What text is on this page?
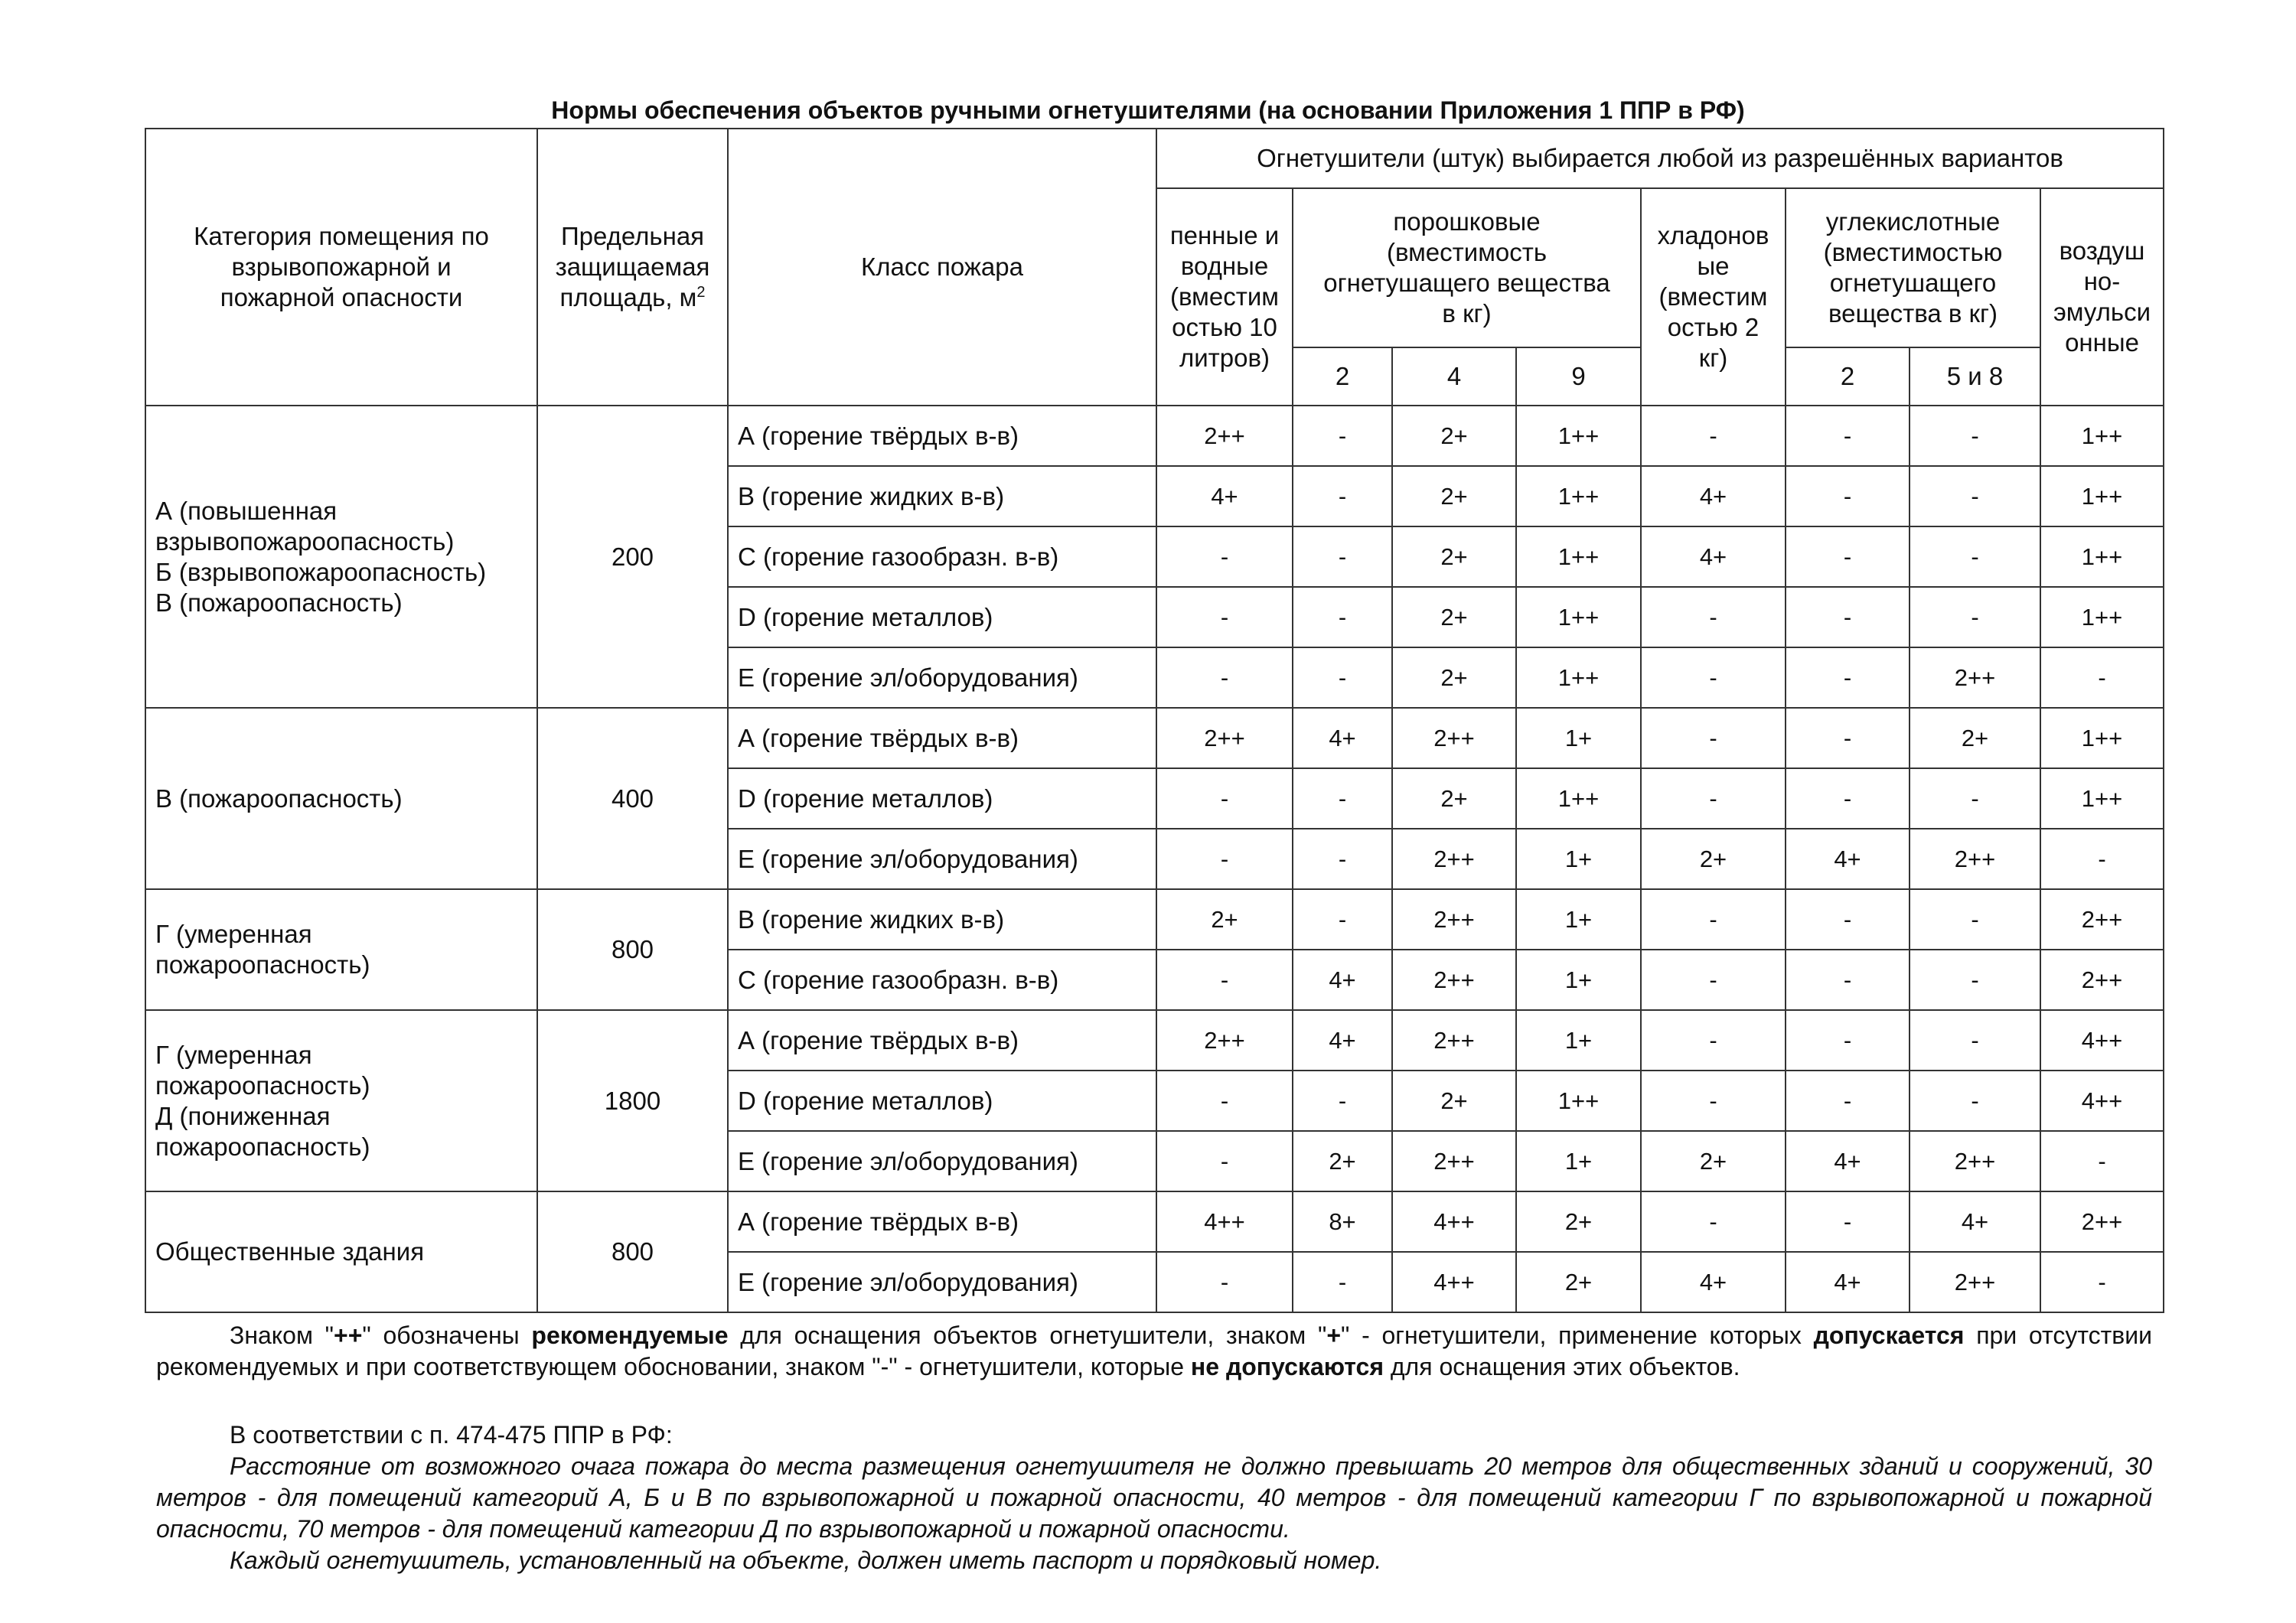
Нормы обеспечения объектов ручными огнетушителями (на основании Приложения 1 ППР в РФ)
Категория помещения по
взрывопожарной и
пожарной опасности	Предельная
защищаемая
площадь, $м^2$	Класс пожара	Огнетушители (штук) выбирается любой из разрешённых вариантов							
			пенные и
водные
(вместим
остью 10
литров)	порошковые
(вместимость
огнетушащего вещества
в кг)			хладонов
ые
(вместим
остью 2
кг)	углекислотные
(вместимостью
огнетушащего
вещества в кг)		воздуш
но-
эмульси
онные
				2	4	9		2	5 и 8	
А (повышенная
взрывопожароопасность)
Б (взрывопожароопасность)
В (пожароопасность)	200	А (горение твёрдых в-в)	2++	-	2+	1++	-	-	-	1++
		В (горение жидких в-в)	4+	-	2+	1++	4+	-	-	1++
		С (горение газообразн. в-в)	-	-	2+	1++	4+	-	-	1++
		D (горение металлов)	-	-	2+	1++	-	-	-	1++
		Е (горение эл/оборудования)	-	-	2+	1++	-	-	2++	-
В (пожароопасность)	400	А (горение твёрдых в-в)	2++	4+	2++	1+	-	-	2+	1++
		D (горение металлов)	-	-	2+	1++	-	-	-	1++
		Е (горение эл/оборудования)	-	-	2++	1+	2+	4+	2++	-
Г (умеренная
пожароопасность)	800	В (горение жидких в-в)	2+	-	2++	1+	-	-	-	2++
		С (горение газообразн. в-в)	-	4+	2++	1+	-	-	-	2++
Г (умеренная
пожароопасность)
Д (пониженная
пожароопасность)	1800	А (горение твёрдых в-в)	2++	4+	2++	1+	-	-	-	4++
		D (горение металлов)	-	-	2+	1++	-	-	-	4++
		Е (горение эл/оборудования)	-	2+	2++	1+	2+	4+	2++	-
Общественные здания	800	А (горение твёрдых в-в)	4++	8+	4++	2+	-	-	4+	2++
		Е (горение эл/оборудования)	-	-	4++	2+	4+	4+	2++	-

Знаком "++" обозначены рекомендуемые для оснащения объектов огнетушители, знаком "+" - огнетушители, применение которых допускается при отсутствии рекомендуемых и при соответствующем обосновании, знаком "-" - огнетушители, которые не допускаются для оснащения этих объектов.

В соответствии с п. 474-475 ППР в РФ:

Расстояние от возможного очага пожара до места размещения огнетушителя не должно превышать 20 метров для общественных зданий и сооружений, 30 метров - для помещений категорий А, Б и В по взрывопожарной и пожарной опасности, 40 метров - для помещений категории Г по взрывопожарной и пожарной опасности, 70 метров - для помещений категории Д по взрывопожарной и пожарной опасности.

Каждый огнетушитель, установленный на объекте, должен иметь паспорт и порядковый номер.
